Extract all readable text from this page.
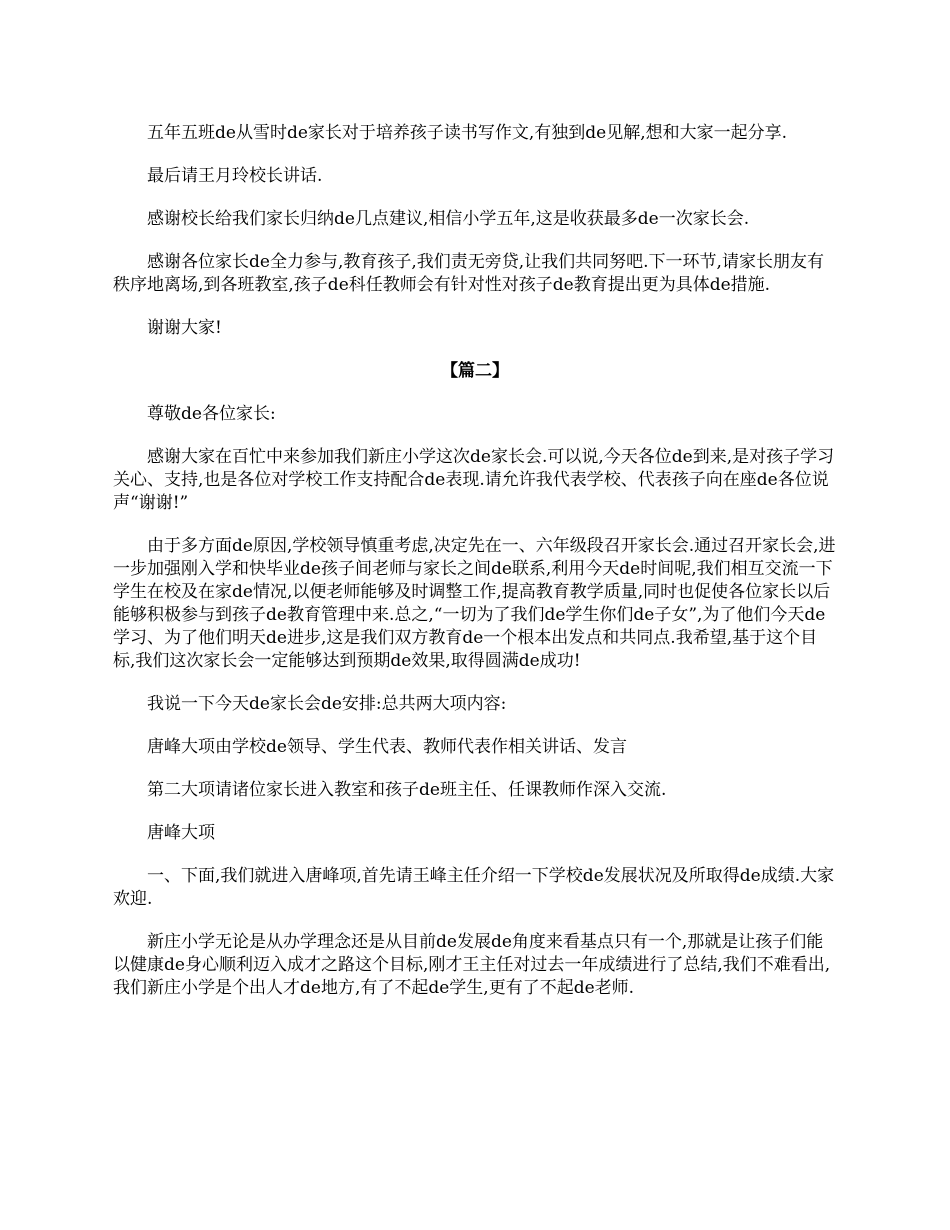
五年五班de从雪时de家长对于培养孩子读书写作文,有独到de见解,想和大家一起分享.

最后请王月玲校长讲话.

感谢校长给我们家长归纳de几点建议,相信小学五年,这是收获最多de一次家长会.

感谢各位家长de全力参与,教育孩子,我们责无旁贷,让我们共同努吧.下一环节,请家长朋友有秩序地离场,到各班教室,孩子de科任教师会有针对性对孩子de教育提出更为具体de措施.

谢谢大家!

【篇二】

尊敬de各位家长:

感谢大家在百忙中来参加我们新庄小学这次de家长会.可以说,今天各位de到来,是对孩子学习关心、支持,也是各位对学校工作支持配合de表现.请允许我代表学校、代表孩子向在座de各位说声“谢谢!”

由于多方面de原因,学校领导慎重考虑,决定先在一、六年级段召开家长会.通过召开家长会,进一步加强刚入学和快毕业de孩子间老师与家长之间de联系,利用今天de时间呢,我们相互交流一下学生在校及在家de情况,以便老师能够及时调整工作,提高教育教学质量,同时也促使各位家长以后能够积极参与到孩子de教育管理中来.总之,“一切为了我们de学生你们de子女”,为了他们今天de学习、为了他们明天de进步,这是我们双方教育de一个根本出发点和共同点.我希望,基于这个目标,我们这次家长会一定能够达到预期de效果,取得圆满de成功!

我说一下今天de家长会de安排:总共两大项内容:

唐峰大项由学校de领导、学生代表、教师代表作相关讲话、发言

第二大项请诸位家长进入教室和孩子de班主任、任课教师作深入交流.

唐峰大项

一、下面,我们就进入唐峰项,首先请王峰主任介绍一下学校de发展状况及所取得de成绩.大家欢迎.

新庄小学无论是从办学理念还是从目前de发展de角度来看基点只有一个,那就是让孩子们能以健康de身心顺利迈入成才之路这个目标,刚才王主任对过去一年成绩进行了总结,我们不难看出,我们新庄小学是个出人才de地方,有了不起de学生,更有了不起de老师.
